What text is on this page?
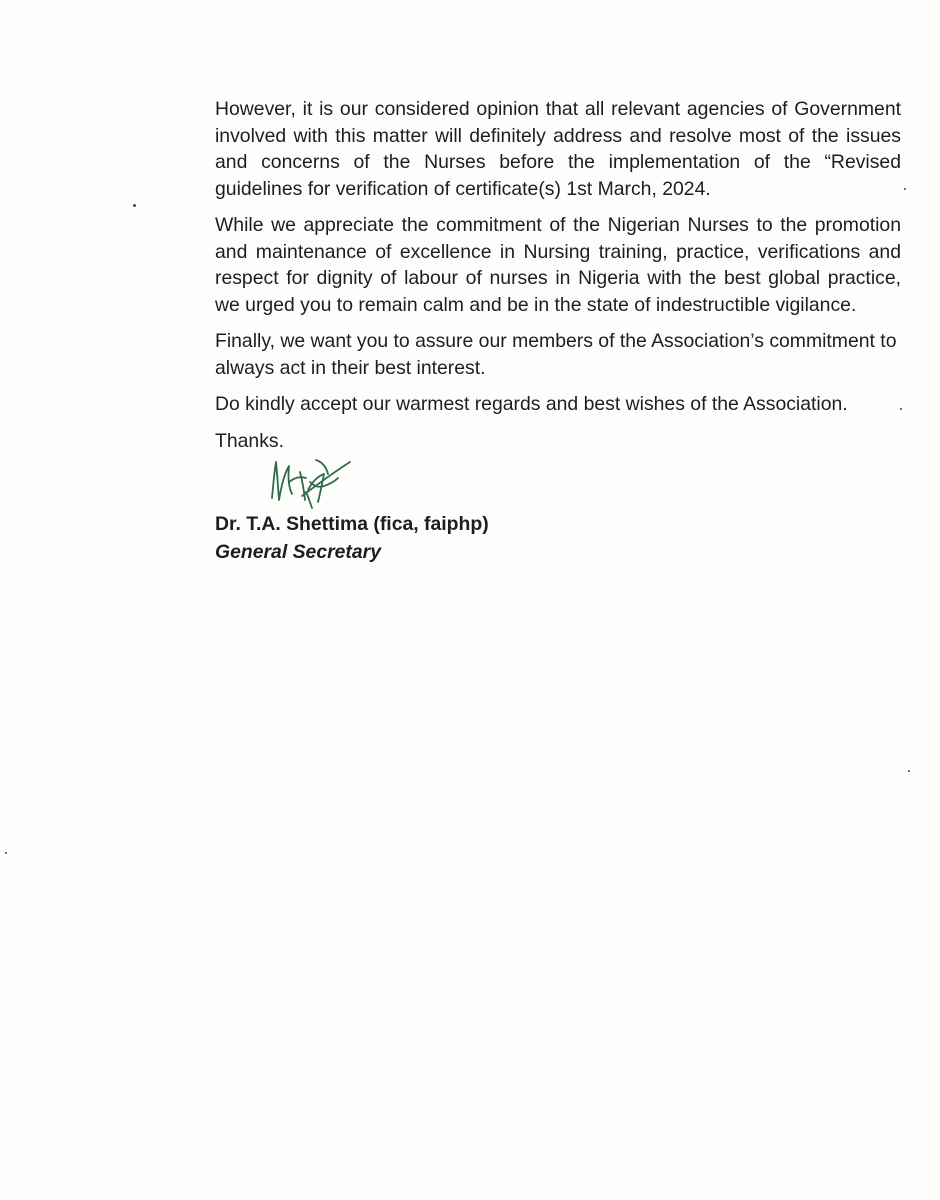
However, it is our considered opinion that all relevant agencies of Government involved with this matter will definitely address and resolve most of the issues and concerns of the Nurses before the implementation of the “Revised guidelines for verification of certificate(s) 1st March, 2024.

While we appreciate the commitment of the Nigerian Nurses to the promotion and maintenance of excellence in Nursing training, practice, verifications and respect for dignity of labour of nurses in Nigeria with the best global practice, we urged you to remain calm and be in the state of indestructible vigilance.

Finally, we want you to assure our members of the Association’s commitment to always act in their best interest.

Do kindly accept our warmest regards and best wishes of the Association.

Thanks.

Dr. T.A. Shettima (fica, faiphp)
General Secretary
